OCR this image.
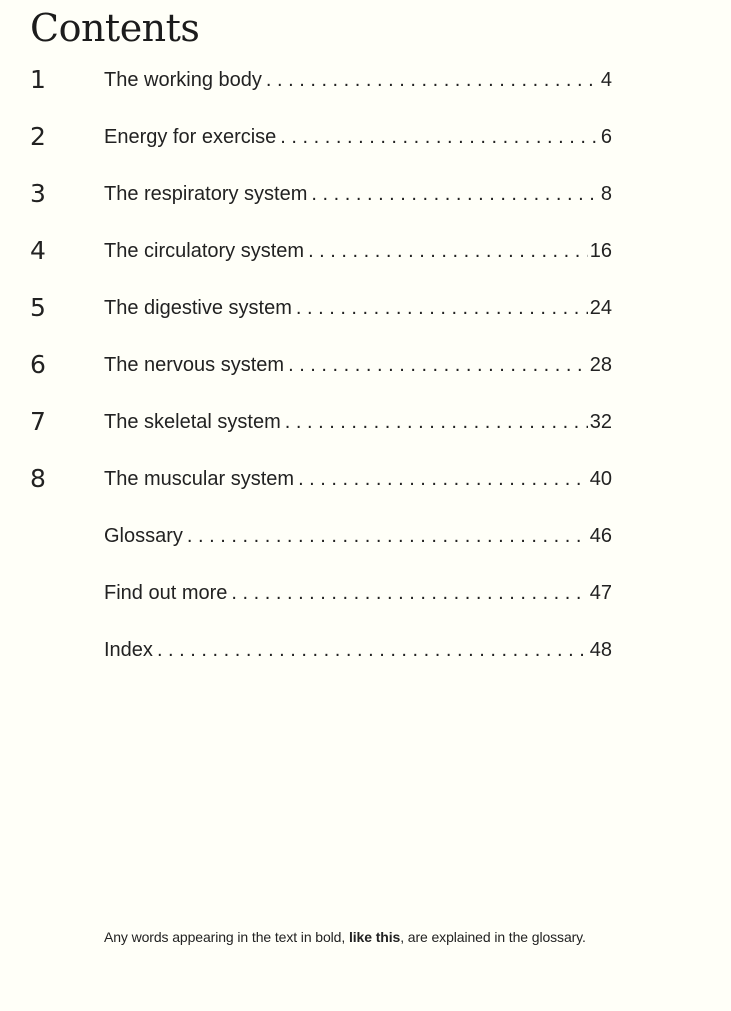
Contents
1	The working body . . .	4
2	Energy for exercise . . .	6
3	The respiratory system . . .	8
4	The circulatory system . . .	16
5	The digestive system . . .	24
6	The nervous system . . .	28
7	The skeletal system . . .	32
8	The muscular system . . .	40
Glossary . . .	46
Find out more . . .	47
Index . . .	48
Any words appearing in the text in bold, like this, are explained in the glossary.
